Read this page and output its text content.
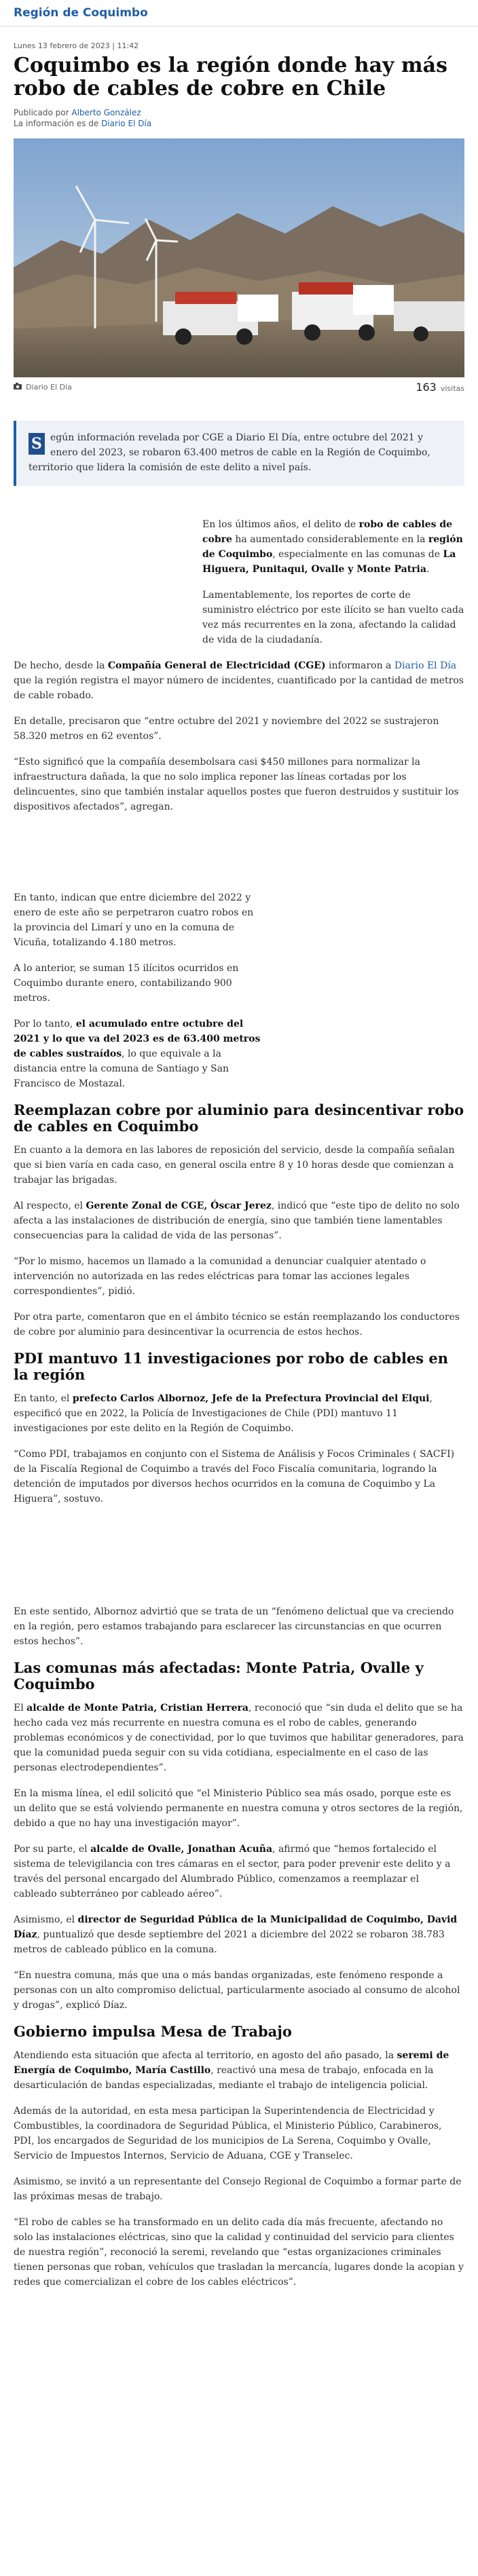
Región de Coquimbo
Lunes 13 febrero de 2023 | 11:42
Coquimbo es la región donde hay más robo de cables de cobre en Chile
Publicado por Alberto González
La información es de Diario El Día
Diario El Día	163 visitas
S egún información revelada por CGE a Diario El Día, entre octubre del 2021 y enero del 2023, se robaron 63.400 metros de cable en la Región de Coquimbo, territorio que lidera la comisión de este delito a nivel país.

En los últimos años, el delito de robo de cables de cobre ha aumentado considerablemente en la región de Coquimbo, especialmente en las comunas de La Higuera, Punitaqui, Ovalle y Monte Patria.

Lamentablemente, los reportes de corte de suministro eléctrico por este ilícito se han vuelto cada vez más recurrentes en la zona, afectando la calidad de vida de la ciudadanía.

De hecho, desde la Compañía General de Electricidad (CGE) informaron a Diario El Día que la región registra el mayor número de incidentes, cuantificado por la cantidad de metros de cable robado.

En detalle, precisaron que “entre octubre del 2021 y noviembre del 2022 se sustrajeron 58.320 metros en 62 eventos”.

“Esto significó que la compañía desembolsara casi $450 millones para normalizar la infraestructura dañada, la que no solo implica reponer las líneas cortadas por los delincuentes, sino que también instalar aquellos postes que fueron destruidos y sustituir los dispositivos afectados”, agregan.

En tanto, indican que entre diciembre del 2022 y enero de este año se perpetraron cuatro robos en la provincia del Limarí y uno en la comuna de Vicuña, totalizando 4.180 metros.

A lo anterior, se suman 15 ilícitos ocurridos en Coquimbo durante enero, contabilizando 900 metros.

Por lo tanto, el acumulado entre octubre del 2021 y lo que va del 2023 es de 63.400 metros de cables sustraídos, lo que equivale a la distancia entre la comuna de Santiago y San Francisco de Mostazal.

Reemplazan cobre por aluminio para desincentivar robo de cables en Coquimbo

En cuanto a la demora en las labores de reposición del servicio, desde la compañía señalan que si bien varía en cada caso, en general oscila entre 8 y 10 horas desde que comienzan a trabajar las brigadas.

Al respecto, el Gerente Zonal de CGE, Óscar Jerez, indicó que “este tipo de delito no solo afecta a las instalaciones de distribución de energía, sino que también tiene lamentables consecuencias para la calidad de vida de las personas”.

“Por lo mismo, hacemos un llamado a la comunidad a denunciar cualquier atentado o intervención no autorizada en las redes eléctricas para tomar las acciones legales correspondientes”, pidió.

Por otra parte, comentaron que en el ámbito técnico se están reemplazando los conductores de cobre por aluminio para desincentivar la ocurrencia de estos hechos.

PDI mantuvo 11 investigaciones por robo de cables en la región

En tanto, el prefecto Carlos Albornoz, Jefe de la Prefectura Provincial del Elqui, especificó que en 2022, la Policía de Investigaciones de Chile (PDI) mantuvo 11 investigaciones por este delito en la Región de Coquimbo.

“Como PDI, trabajamos en conjunto con el Sistema de Análisis y Focos Criminales ( SACFI) de la Fiscalía Regional de Coquimbo a través del Foco Fiscalía comunitaria, logrando la detención de imputados por diversos hechos ocurridos en la comuna de Coquimbo y La Higuera”, sostuvo.

En este sentido, Albornoz advirtió que se trata de un “fenómeno delictual que va creciendo en la región, pero estamos trabajando para esclarecer las circunstancias en que ocurren estos hechos”.

Las comunas más afectadas: Monte Patria, Ovalle y Coquimbo

El alcalde de Monte Patria, Cristian Herrera, reconoció que “sin duda el delito que se ha hecho cada vez más recurrente en nuestra comuna es el robo de cables, generando problemas económicos y de conectividad, por lo que tuvimos que habilitar generadores, para que la comunidad pueda seguir con su vida cotidiana, especialmente en el caso de las personas electrodependientes”.

En la misma línea, el edil solicitó que “el Ministerio Público sea más osado, porque este es un delito que se está volviendo permanente en nuestra comuna y otros sectores de la región, debido a que no hay una investigación mayor”.

Por su parte, el alcalde de Ovalle, Jonathan Acuña, afirmó que “hemos fortalecido el sistema de televigilancia con tres cámaras en el sector, para poder prevenir este delito y a través del personal encargado del Alumbrado Público, comenzamos a reemplazar el cableado subterráneo por cableado aéreo”.

Asimismo, el director de Seguridad Pública de la Municipalidad de Coquimbo, David Díaz, puntualizó que desde septiembre del 2021 a diciembre del 2022 se robaron 38.783 metros de cableado público en la comuna.

“En nuestra comuna, más que una o más bandas organizadas, este fenómeno responde a personas con un alto compromiso delictual, particularmente asociado al consumo de alcohol y drogas”, explicó Díaz.

Gobierno impulsa Mesa de Trabajo

Atendiendo esta situación que afecta al territorio, en agosto del año pasado, la seremi de Energía de Coquimbo, María Castillo, reactivó una mesa de trabajo, enfocada en la desarticulación de bandas especializadas, mediante el trabajo de inteligencia policial.

Además de la autoridad, en esta mesa participan la Superintendencia de Electricidad y Combustibles, la coordinadora de Seguridad Pública, el Ministerio Público, Carabineros, PDI, los encargados de Seguridad de los municipios de La Serena, Coquimbo y Ovalle, Servicio de Impuestos Internos, Servicio de Aduana, CGE y Transelec.

Asimismo, se invitó a un representante del Consejo Regional de Coquimbo a formar parte de las próximas mesas de trabajo.

“El robo de cables se ha transformado en un delito cada día más frecuente, afectando no solo las instalaciones eléctricas, sino que la calidad y continuidad del servicio para clientes de nuestra región”, reconoció la seremi, revelando que “estas organizaciones criminales tienen personas que roban, vehículos que trasladan la mercancía, lugares donde la acopian y redes que comercializan el cobre de los cables eléctricos”.
